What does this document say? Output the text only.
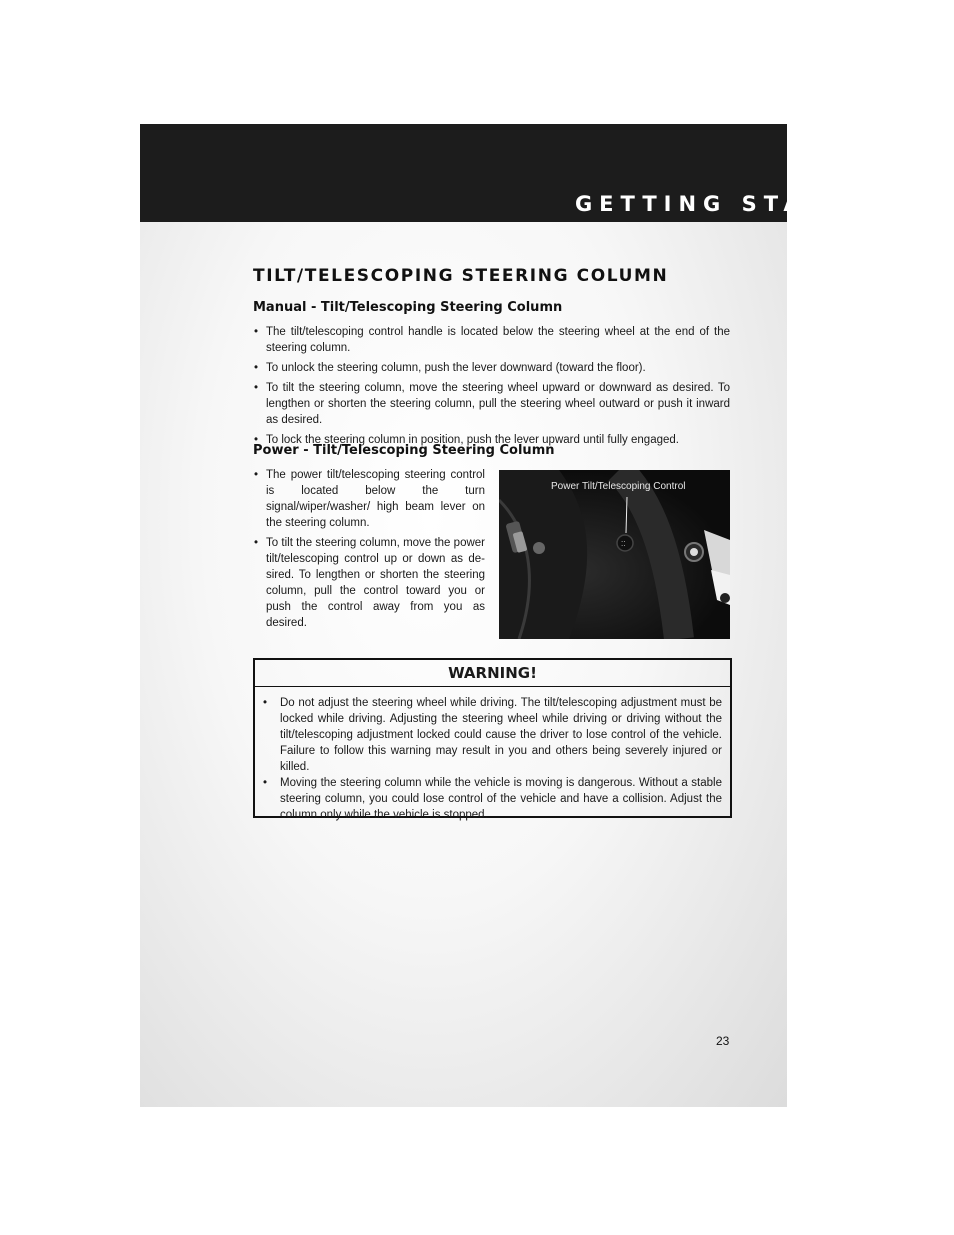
GETTING STARTED
TILT/TELESCOPING STEERING COLUMN
Manual - Tilt/Telescoping Steering Column
• The tilt/telescoping control handle is located below the steering wheel at the end of the steering column.
• To unlock the steering column, push the lever downward (toward the floor).
• To tilt the steering column, move the steering wheel upward or downward as desired. To lengthen or shorten the steering column, pull the steering wheel outward or push it inward as desired.
• To lock the steering column in position, push the lever upward until fully engaged.
Power - Tilt/Telescoping Steering Column
• The power tilt/telescoping steering control is located below the turn signal/wiper/washer/ high beam lever on the steering column.
• To tilt the steering column, move the power tilt/telescoping control up or down as de- sired. To lengthen or shorten the steering column, pull the control toward you or push the control away from you as desired.
⁚⁚
Power Tilt/Telescoping Control
WARNING!
• Do not adjust the steering wheel while driving. The tilt/telescoping adjustment must be locked while driving. Adjusting the steering wheel while driving or driving without the tilt/telescoping adjustment locked could cause the driver to lose control of the vehicle. Failure to follow this warning may result in you and others being severely injured or killed.
• Moving the steering column while the vehicle is moving is dangerous. Without a stable steering column, you could lose control of the vehicle and have a collision. Adjust the column only while the vehicle is stopped.
23
